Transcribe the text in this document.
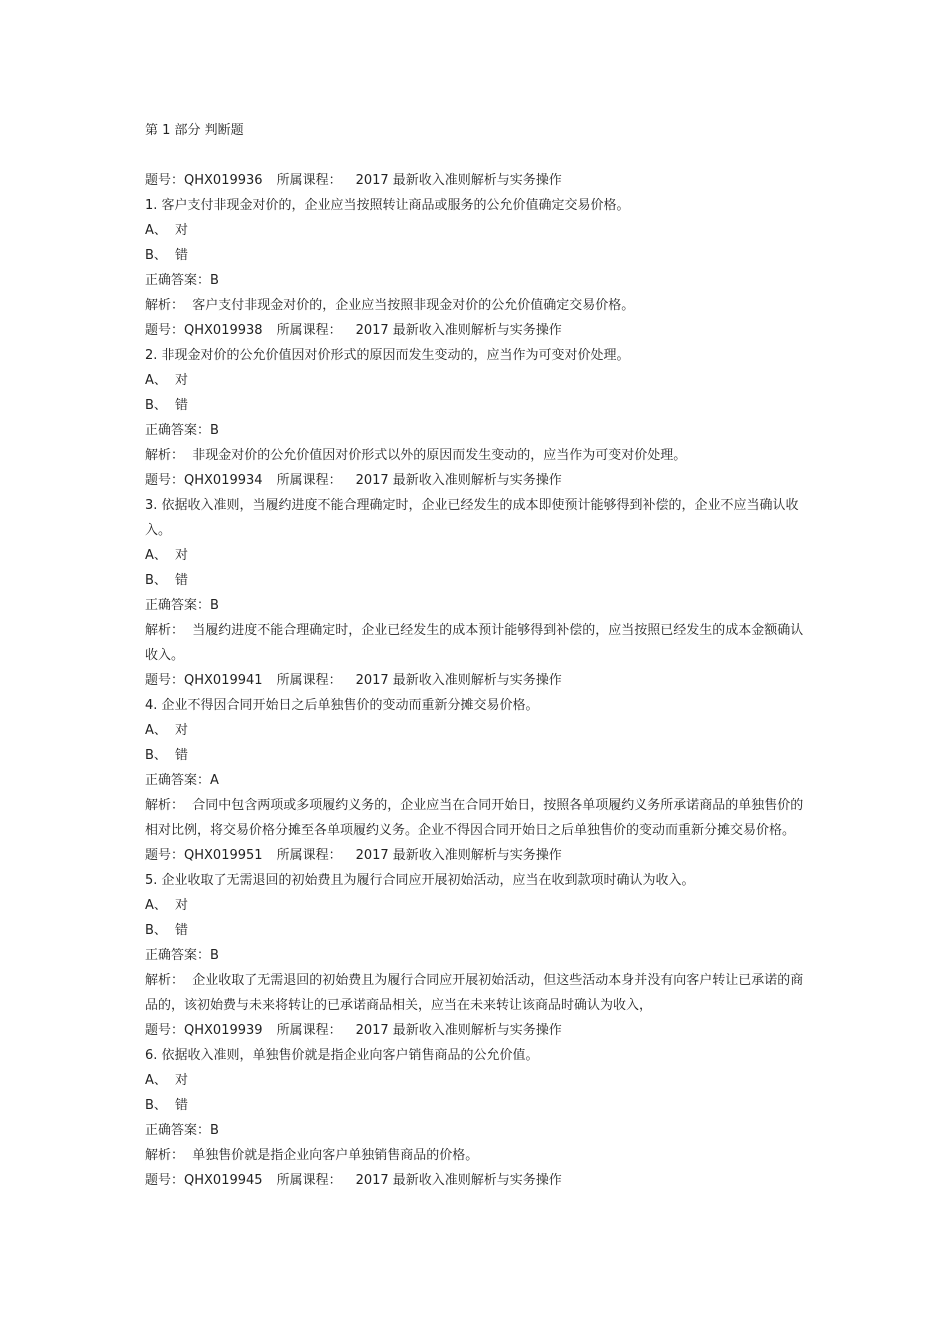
第 1 部分 判断题
题号：QHX019936 所属课程： 2017 最新收入准则解析与实务操作
1. 客户支付非现金对价的，企业应当按照转让商品或服务的公允价值确定交易价格。
A、 对
B、 错
正确答案：B
解析： 客户支付非现金对价的，企业应当按照非现金对价的公允价值确定交易价格。
题号：QHX019938 所属课程： 2017 最新收入准则解析与实务操作
2. 非现金对价的公允价值因对价形式的原因而发生变动的，应当作为可变对价处理。
A、 对
B、 错
正确答案：B
解析： 非现金对价的公允价值因对价形式以外的原因而发生变动的，应当作为可变对价处理。
题号：QHX019934 所属课程： 2017 最新收入准则解析与实务操作
3. 依据收入准则，当履约进度不能合理确定时，企业已经发生的成本即使预计能够得到补偿的，企业不应当确认收入。
A、 对
B、 错
正确答案：B
解析： 当履约进度不能合理确定时，企业已经发生的成本预计能够得到补偿的，应当按照已经发生的成本金额确认收入。
题号：QHX019941 所属课程： 2017 最新收入准则解析与实务操作
4. 企业不得因合同开始日之后单独售价的变动而重新分摊交易价格。
A、 对
B、 错
正确答案：A
解析： 合同中包含两项或多项履约义务的，企业应当在合同开始日，按照各单项履约义务所承诺商品的单独售价的相对比例，将交易价格分摊至各单项履约义务。企业不得因合同开始日之后单独售价的变动而重新分摊交易价格。
题号：QHX019951 所属课程： 2017 最新收入准则解析与实务操作
5. 企业收取了无需退回的初始费且为履行合同应开展初始活动，应当在收到款项时确认为收入。
A、 对
B、 错
正确答案：B
解析： 企业收取了无需退回的初始费且为履行合同应开展初始活动，但这些活动本身并没有向客户转让已承诺的商品的，该初始费与未来将转让的已承诺商品相关，应当在未来转让该商品时确认为收入，
题号：QHX019939 所属课程： 2017 最新收入准则解析与实务操作
6. 依据收入准则，单独售价就是指企业向客户销售商品的公允价值。
A、 对
B、 错
正确答案：B
解析： 单独售价就是指企业向客户单独销售商品的价格。
题号：QHX019945 所属课程： 2017 最新收入准则解析与实务操作
